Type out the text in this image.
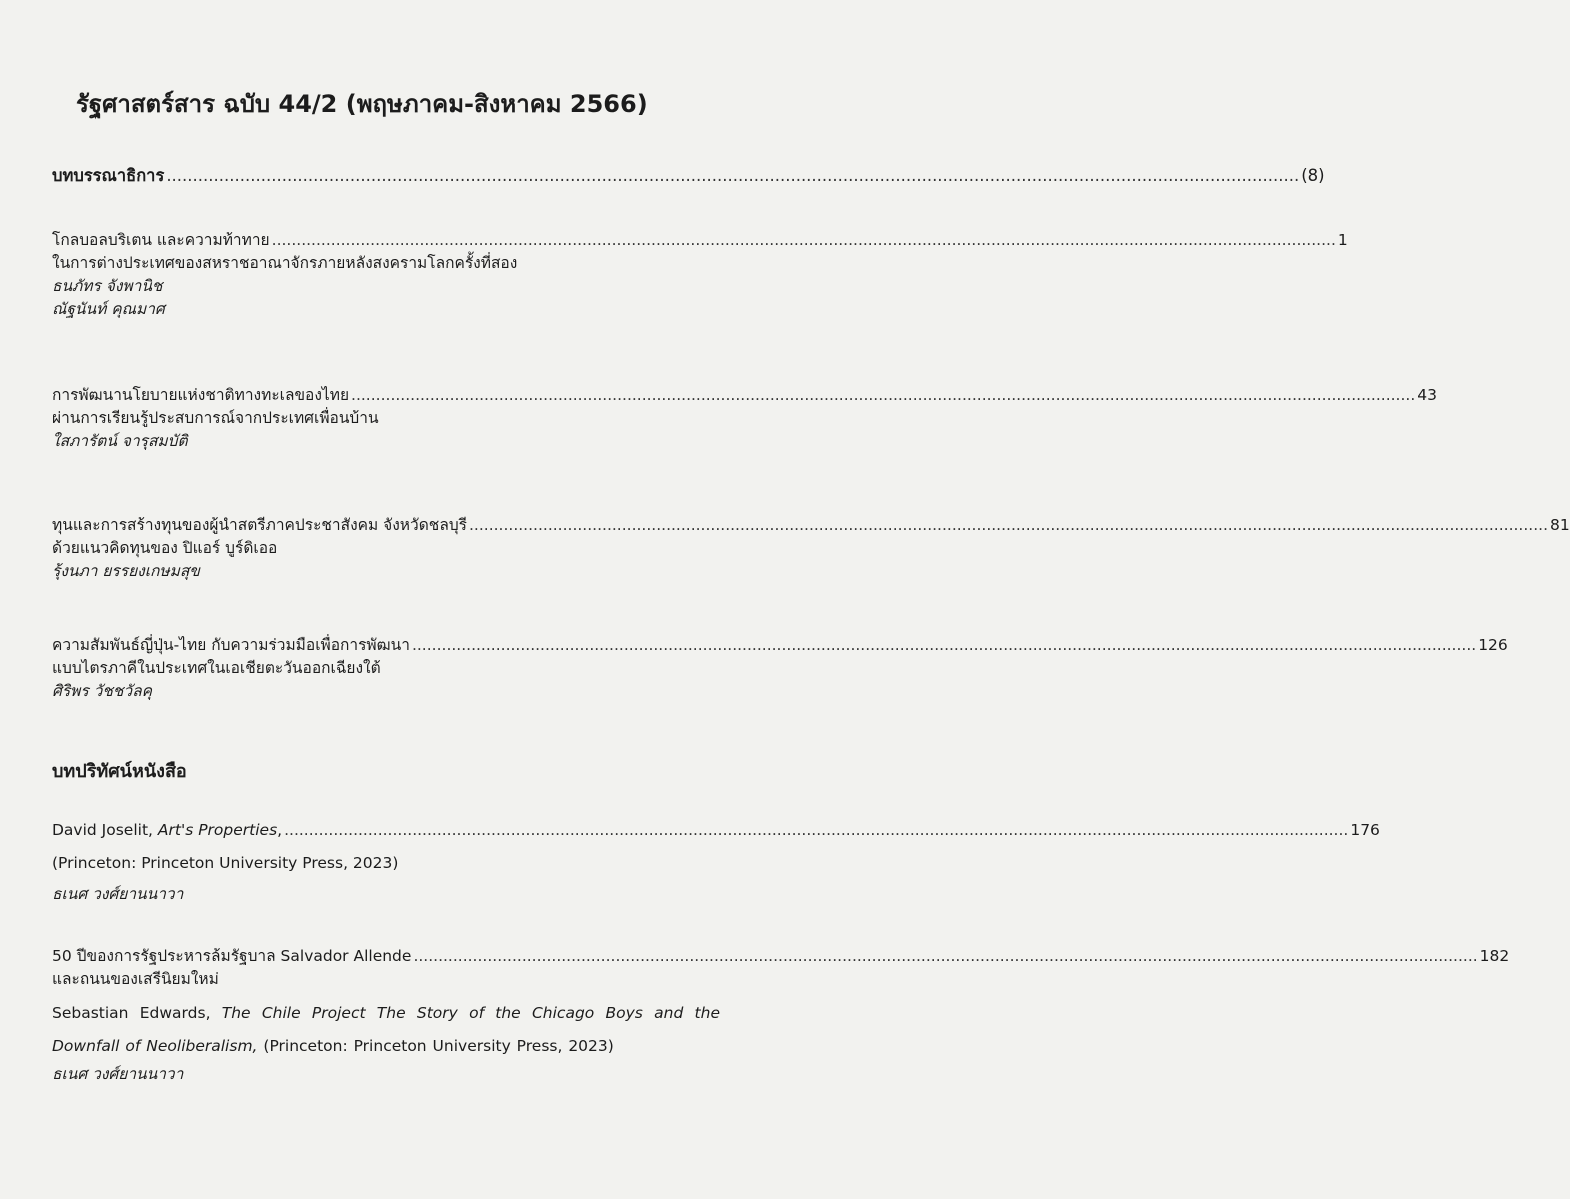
รัฐศาสตร์สาร ฉบับ 44/2 (พฤษภาคม-สิงหาคม 2566)
บทบรรณาธิการ .....	(8)
โกลบอลบริเตน และความท้าทาย .....	1
ในการต่างประเทศของสหราชอาณาจักรภายหลังสงครามโลกครั้งที่สอง
ธนภัทร จังพานิช
ณัฐนันท์ คุณมาศ
การพัฒนานโยบายแห่งชาติทางทะเลของไทย .....	43
ผ่านการเรียนรู้ประสบการณ์จากประเทศเพื่อนบ้าน
ใสภารัตน์ จารุสมบัติ
ทุนและการสร้างทุนของผู้นำสตรีภาคประชาสังคม จังหวัดชลบุรี ... .....	81
ด้วยแนวคิดทุนของ ปิแอร์ บูร์ดิเออ
รุ้งนภา ยรรยงเกษมสุข
ความสัมพันธ์ญี่ปุ่น-ไทย กับความร่วมมือเพื่อการพัฒนา .....	126
แบบไตรภาคีในประเทศในเอเชียตะวันออกเฉียงใต้
ศิริพร วัชชวัลคุ
บทปริทัศน์หนังสือ
David Joselit, Art's Properties, .....	176
(Princeton: Princeton University Press, 2023)
ธเนศ วงศ์ยานนาวา
50 ปีของการรัฐประหารล้มรัฐบาล Salvador Allende .....	182
และถนนของเสรีนิยมใหม่
Sebastian Edwards, The Chile Project The Story of the Chicago Boys and the Downfall of Neoliberalism, (Princeton: Princeton University Press, 2023)
ธเนศ วงศ์ยานนาวา
